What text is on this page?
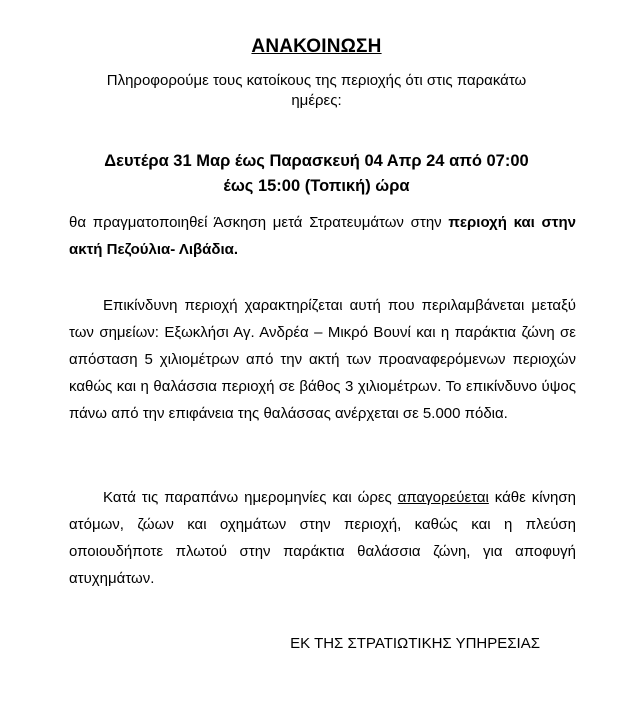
ΑΝΑΚΟΙΝΩΣΗ
Πληροφορούμε τους κατοίκους της περιοχής ότι στις παρακάτω ημέρες:
Δευτέρα 31 Μαρ έως Παρασκευή 04 Απρ 24 από 07:00
έως 15:00 (Τοπική) ώρα
θα πραγματοποιηθεί Άσκηση μετά Στρατευμάτων στην περιοχή και στην ακτή Πεζούλια- Λιβάδια.
Επικίνδυνη περιοχή χαρακτηρίζεται αυτή που περιλαμβάνεται μεταξύ των σημείων: Εξωκλήσι Αγ. Ανδρέα – Μικρό Βουνί και η παράκτια ζώνη σε απόσταση 5 χιλιομέτρων από την ακτή των προαναφερόμενων περιοχών καθώς και η θαλάσσια περιοχή σε βάθος 3 χιλιομέτρων. Το επικίνδυνο ύψος πάνω από την επιφάνεια της θαλάσσας ανέρχεται σε 5.000 πόδια.
Κατά τις παραπάνω ημερομηνίες και ώρες απαγορεύεται κάθε κίνηση ατόμων, ζώων και οχημάτων στην περιοχή, καθώς και η πλεύση οποιουδήποτε πλωτού στην παράκτια θαλάσσια ζώνη, για αποφυγή ατυχημάτων.
ΕΚ ΤΗΣ ΣΤΡΑΤΙΩΤΙΚΗΣ ΥΠΗΡΕΣΙΑΣ
